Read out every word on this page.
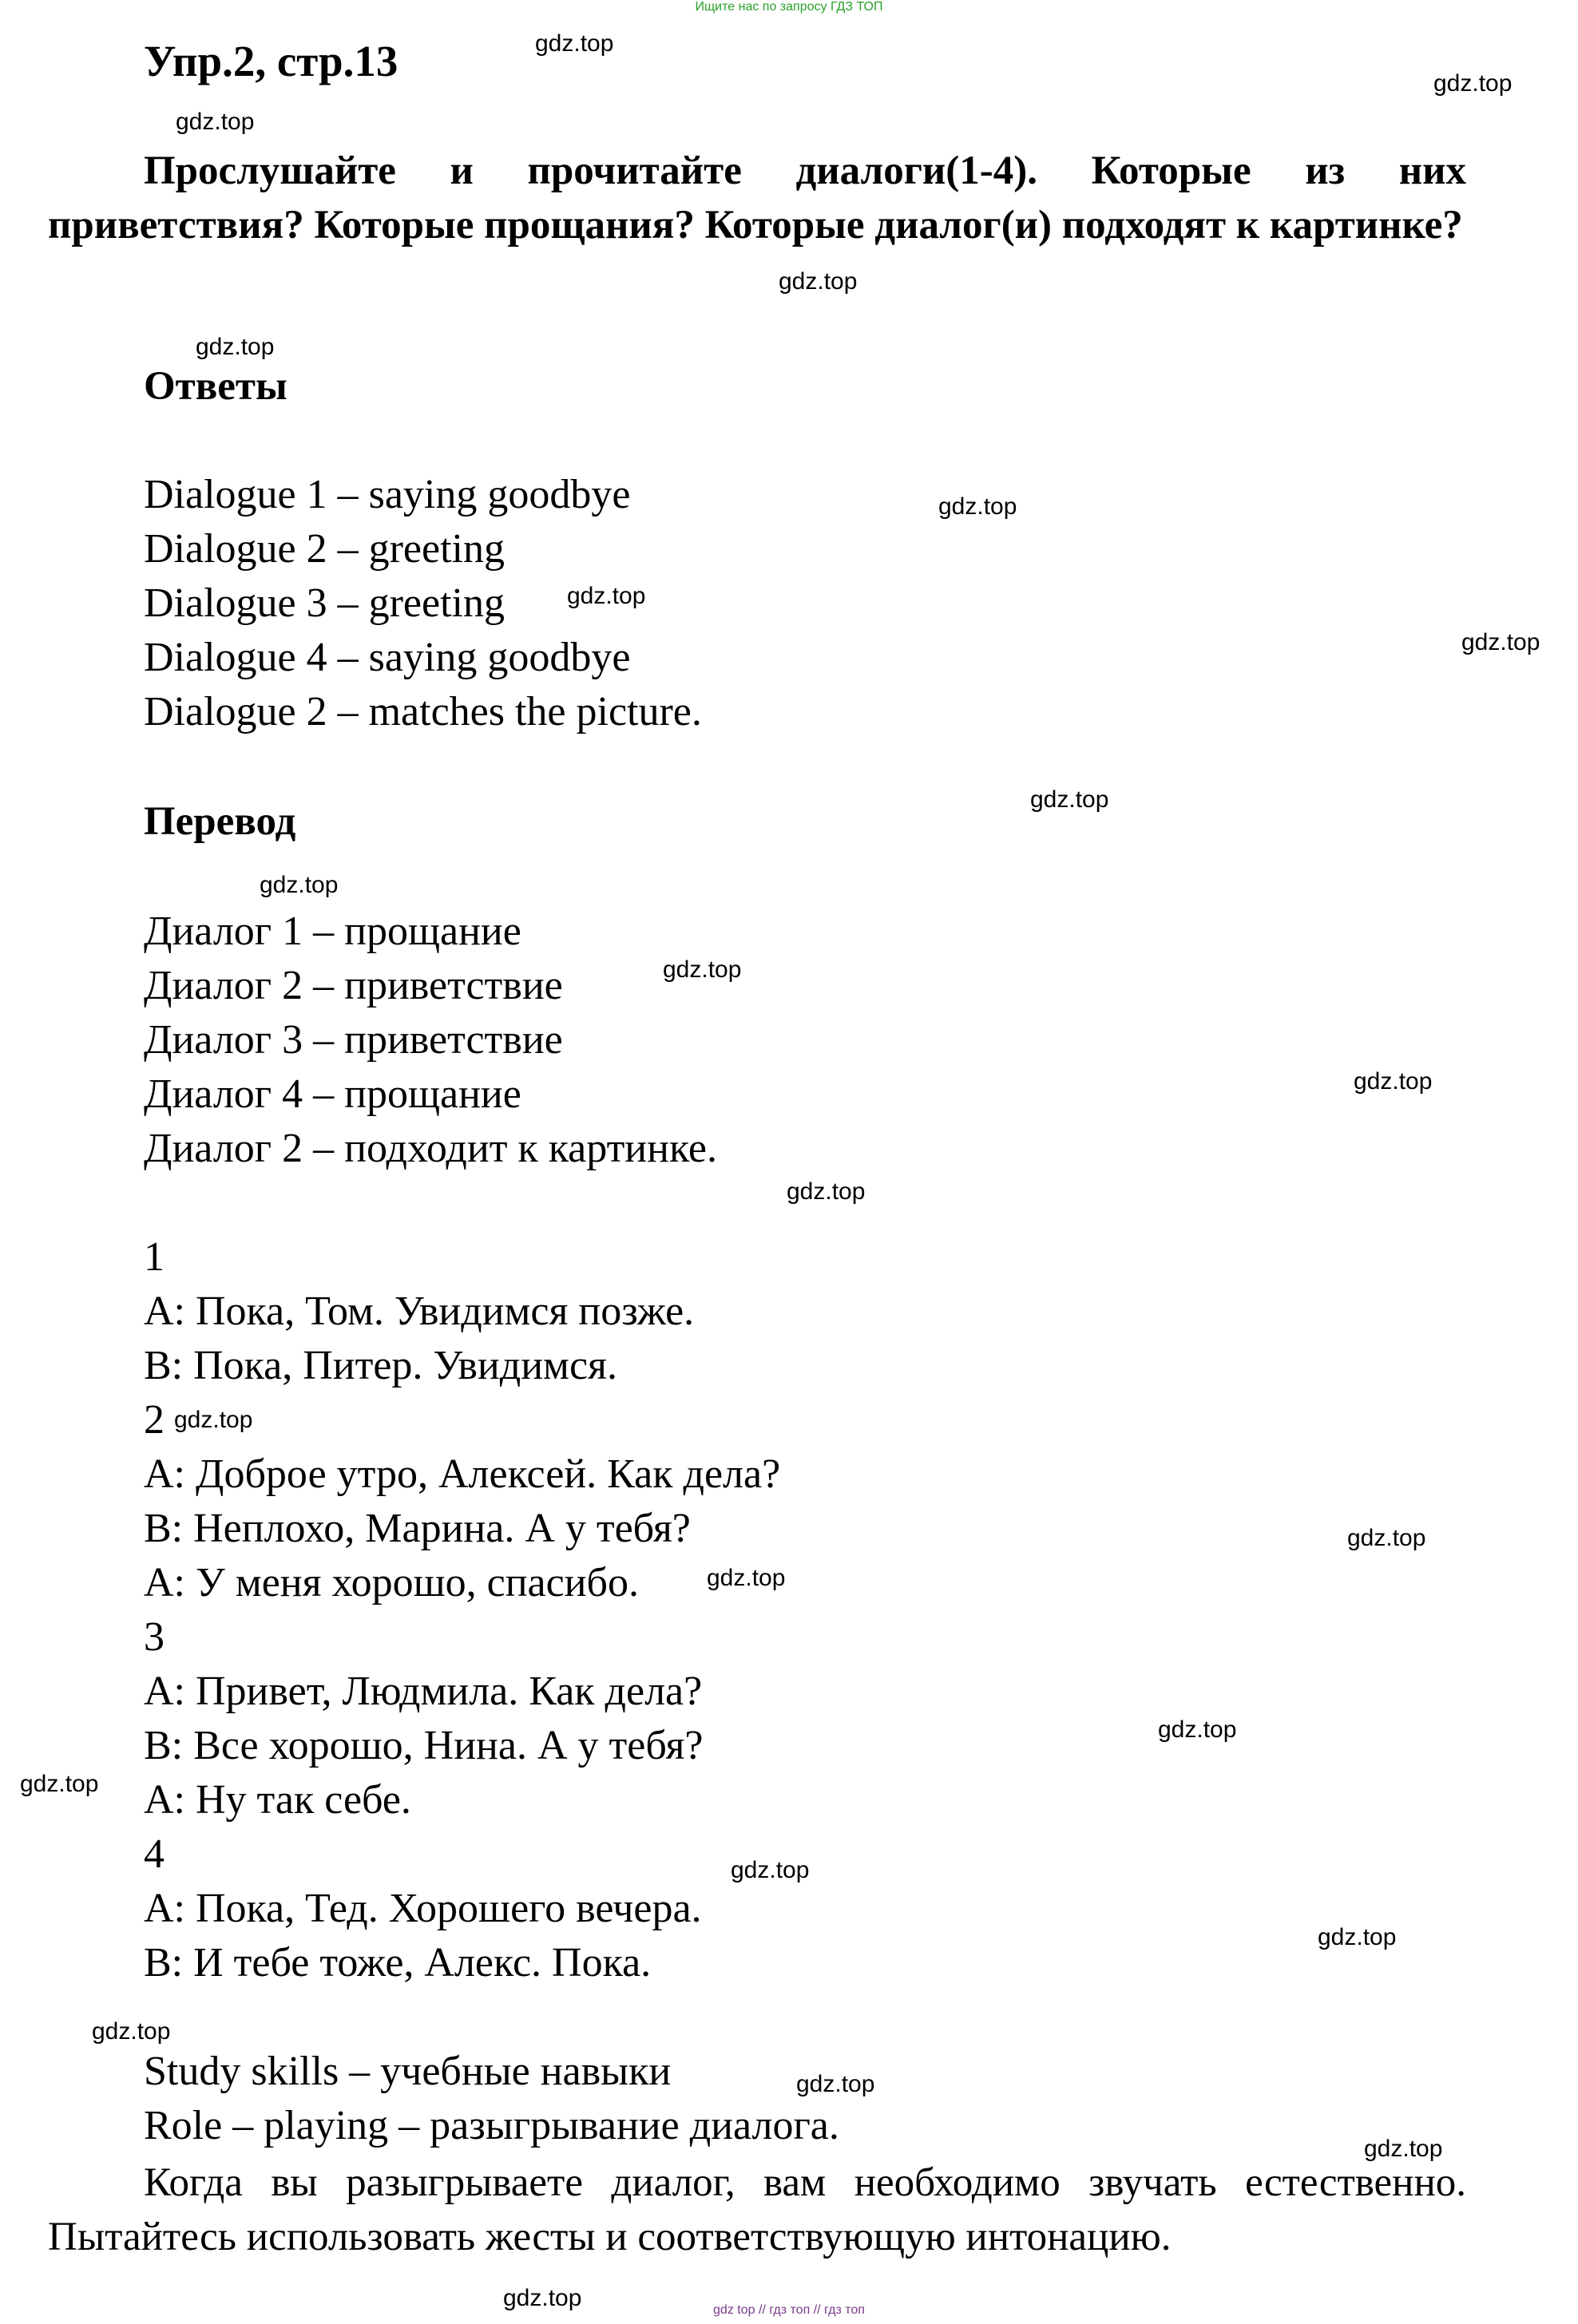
Ищите нас по запросу ГДЗ ТОП
Упр.2, стр.13
Прослушайте и прочитайте диалоги(1-4). Которые из них приветствия? Которые прощания? Которые диалог(и) подходят к картинке?
Ответы
Dialogue 1 – saying goodbye
Dialogue 2 – greeting
Dialogue 3 – greeting
Dialogue 4 – saying goodbye
Dialogue 2 – matches the picture.
Перевод
Диалог 1 – прощание
Диалог 2 – приветствие
Диалог 3 – приветствие
Диалог 4 – прощание
Диалог 2 – подходит к картинке.
1
A: Пока, Том. Увидимся позже.
B: Пока, Питер. Увидимся.
2
A: Доброе утро, Алексей. Как дела?
B: Неплохо, Марина. А у тебя?
A: У меня хорошо, спасибо.
3
A: Привет, Людмила. Как дела?
B: Все хорошо, Нина. А у тебя?
A: Ну так себе.
4
A: Пока, Тед. Хорошего вечера.
B: И тебе тоже, Алекс. Пока.
Study skills – учебные навыки
Role – playing – разыгрывание диалога.
Когда вы разыгрываете диалог, вам необходимо звучать естественно. Пытайтесь использовать жесты и соответствующую интонацию.
gdz.top
gdz.top
gdz.top
gdz.top
gdz.top
gdz.top
gdz.top
gdz.top
gdz.top
gdz.top
gdz.top
gdz.top
gdz.top
gdz.top
gdz.top
gdz.top
gdz.top
gdz.top
gdz.top
gdz.top
gdz.top
gdz.top
gdz.top
gdz.top	gdz top // гдз топ // гдз топ
